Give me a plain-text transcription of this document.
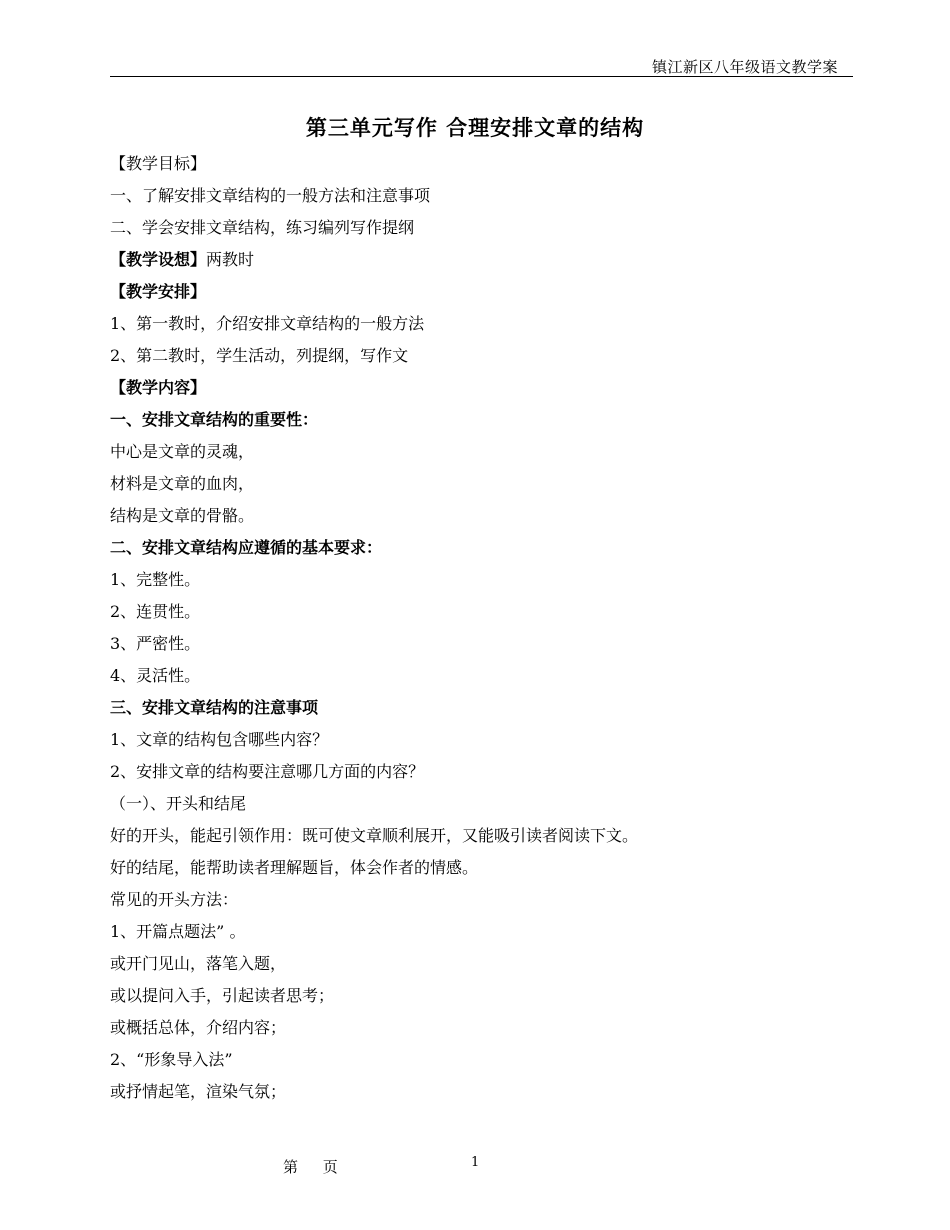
镇江新区八年级语文教学案
第三单元写作 合理安排文章的结构
【教学目标】
一、了解安排文章结构的一般方法和注意事项
二、学会安排文章结构，练习编列写作提纲
【教学设想】两教时
【教学安排】
1、第一教时，介绍安排文章结构的一般方法
2、第二教时，学生活动，列提纲，写作文
【教学内容】
一、安排文章结构的重要性：
中心是文章的灵魂，
材料是文章的血肉，
结构是文章的骨骼。
二、安排文章结构应遵循的基本要求：
1、完整性。
2、连贯性。
3、严密性。
4、灵活性。
三、安排文章结构的注意事项
1、文章的结构包含哪些内容？
2、安排文章的结构要注意哪几方面的内容？
（一）、开头和结尾
好的开头，能起引领作用：既可使文章顺利展开，又能吸引读者阅读下文。
好的结尾，能帮助读者理解题旨，体会作者的情感。
常见的开头方法：
1、开篇点题法” 。
或开门见山，落笔入题，
或以提问入手，引起读者思考；
或概括总体，介绍内容；
2、“形象导入法”
或抒情起笔，渲染气氛；
第 页	1
